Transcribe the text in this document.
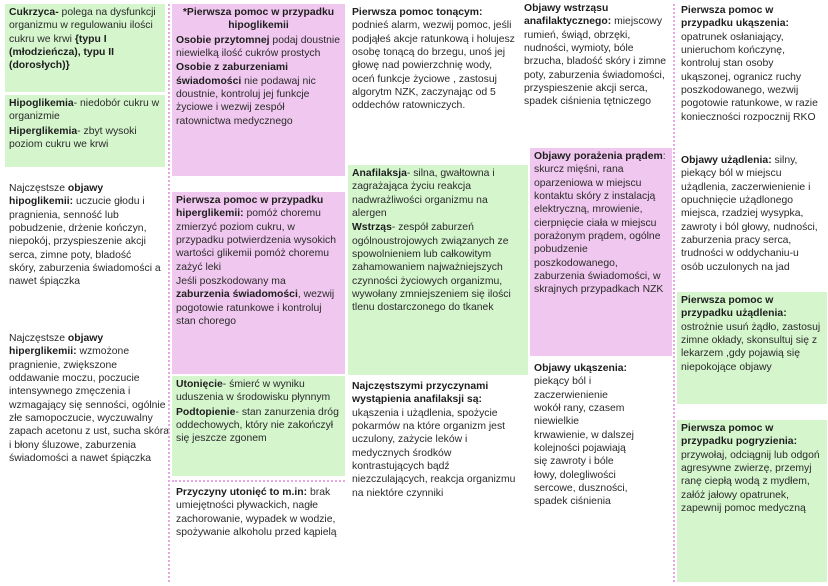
Cukrzyca- polega na dysfunkcji organizmu w regulowaniu ilości cukru we krwi {typu I (młodzieńcza), typu II (dorosłych)}

Hipoglikemia- niedobór cukru w organizmie

Hiperglikemia- zbyt wysoki poziom cukru we krwi

Najczęstsze objawy hipoglikemii: uczucie głodu i pragnienia, senność lub pobudzenie, drżenie kończyn, niepokój, przyspieszenie akcji serca, zimne poty, bladość skóry, zaburzenia świadomości a nawet śpiączka

Najczęstsze objawy hiperglikemii: wzmożone pragnienie, zwiększone oddawanie moczu, poczucie intensywnego zmęczenia i wzmagający się senności, ogólnie złe samopoczucie, wyczuwalny zapach acetonu z ust, sucha skóra i błony śluzowe, zaburzenia świadomości a nawet śpiączka

*Pierwsza pomoc w przypadku hipoglikemii

Osobie przytomnej podaj doustnie niewielką ilość cukrów prostych

Osobie z zaburzeniami świadomości nie podawaj nic doustnie, kontroluj jej funkcje życiowe i wezwij zespół ratownictwa medycznego

Pierwsza pomoc w przypadku hiperglikemii: pomóż choremu zmierzyć poziom cukru, w przypadku potwierdzenia wysokich wartości glikemii pomóż choremu zażyć leki

Jeśli poszkodowany ma zaburzenia świadomości, wezwij pogotowie ratunkowe i kontroluj stan chorego

Utonięcie- śmierć w wyniku uduszenia w środowisku płynnym

Podtopienie- stan zanurzenia dróg oddechowych, który nie zakończył się jeszcze zgonem

Przyczyny utonięć to m.in: brak umiejętności pływackich, nagłe zachorowanie, wypadek w wodzie, spożywanie alkoholu przed kąpielą

Pierwsza pomoc tonącym: podnieś alarm, wezwij pomoc, jeśli podjąłeś akcje ratunkową i holujesz osobę tonącą do brzegu, unoś jej głowę nad powierzchnię wody, oceń funkcje życiowe , zastosuj algorytm NZK, zaczynając od 5 oddechów ratowniczych.

Anafilaksja- silna, gwałtowna i zagrażająca życiu reakcja nadwrażliwości organizmu na alergen

Wstrząs- zespół zaburzeń ogólnoustrojowych związanych ze spowolnieniem lub całkowitym zahamowaniem najważniejszych czynności życiowych organizmu, wywołany zmniejszeniem się ilości tlenu dostarczonego do tkanek

Najczęstszymi przyczynami wystąpienia anafilaksji są: ukąszenia i użądlenia, spożycie pokarmów na które organizm jest uczulony, zażycie leków i medycznych środków kontrastujących bądź niezczulających, reakcja organizmu na niektóre czynniki

Objawy wstrząsu anafilaktycznego: miejscowy rumień, świąd, obrzęki, nudności, wymioty, bóle brzucha, bladość skóry i zimne poty, zaburzenia świadomości, przyspieszenie akcji serca, spadek ciśnienia tętniczego

Objawy porażenia prądem: skurcz mięśni, rana oparzeniowa w miejscu kontaktu skóry z instalacją elektryczną, mrowienie, cierpnięcie ciała w miejscu porażonym prądem, ogólne pobudzenie poszkodowanego, zaburzenia świadomości, w skrajnych przypadkach NZK

Objawy ukąszenia: piekący ból i zaczerwienienie wokół rany, czasem niewielkie krwawienie, w dalszej kolejności pojawiają się zawroty i bóle łowy, dolegliwości sercowe, duszności, spadek ciśnienia

Pierwsza pomoc w przypadku ukąszenia: opatrunek osłaniający, unieruchom kończynę, kontroluj stan osoby ukąszonej, ogranicz ruchy poszkodowanego, wezwij pogotowie ratunkowe, w razie konieczności rozpocznij RKO

Objawy użądlenia: silny, piekący ból w miejscu użądlenia, zaczerwienienie i opuchnięcie użądlonego miejsca, rzadziej wysypka, zawroty i ból głowy, nudności, zaburzenia pracy serca, trudności w oddychaniu-u osób uczulonych na jad

Pierwsza pomoc w przypadku użądlenia: ostrożnie usuń żądło, zastosuj zimne okłady, skonsultuj się z lekarzem ,gdy pojawią się niepokojące objawy

Pierwsza pomoc w przypadku pogryzienia: przywołaj, odciągnij lub odgoń agresywne zwierzę, przemyj ranę ciepłą wodą z mydłem, załóż jałowy opatrunek, zapewnij pomoc medyczną
